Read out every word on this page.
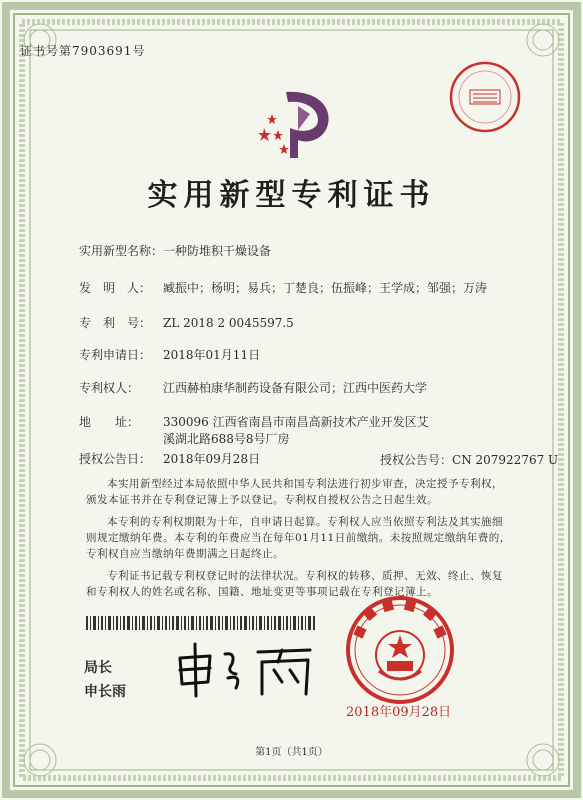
证书号第7903691号
实用新型专利证书
实用新型名称： 一种防堆积干燥设备
发　明　人： 臧振中；杨明；易兵；丁楚良；伍振峰；王学成；邹强；万涛
专　利　号： ZL 2018 2 0045597.5
专利申请日： 2018年01月11日
专利权人： 江西赫柏康华制药设备有限公司；江西中医药大学
地　　址： 330096 江西省南昌市南昌高新技术产业开发区艾溪湖北路688号8号厂房
授权公告日： 2018年09月28日	授权公告号：CN 207922767 U
本实用新型经过本局依照中华人民共和国专利法进行初步审查，决定授予专利权，颁发本证书并在专利登记簿上予以登记。专利权自授权公告之日起生效。
本专利的专利权期限为十年，自申请日起算。专利权人应当依照专利法及其实施细则规定缴纳年费。本专利的年费应当在每年01月11日前缴纳。未按照规定缴纳年费的，专利权自应当缴纳年费期满之日起终止。
专利证书记载专利权登记时的法律状况。专利权的转移、质押、无效、终止、恢复和专利权人的姓名或名称、国籍、地址变更等事项记载在专利登记簿上。
局长
申长雨
2018年09月28日
第1页（共1页）
